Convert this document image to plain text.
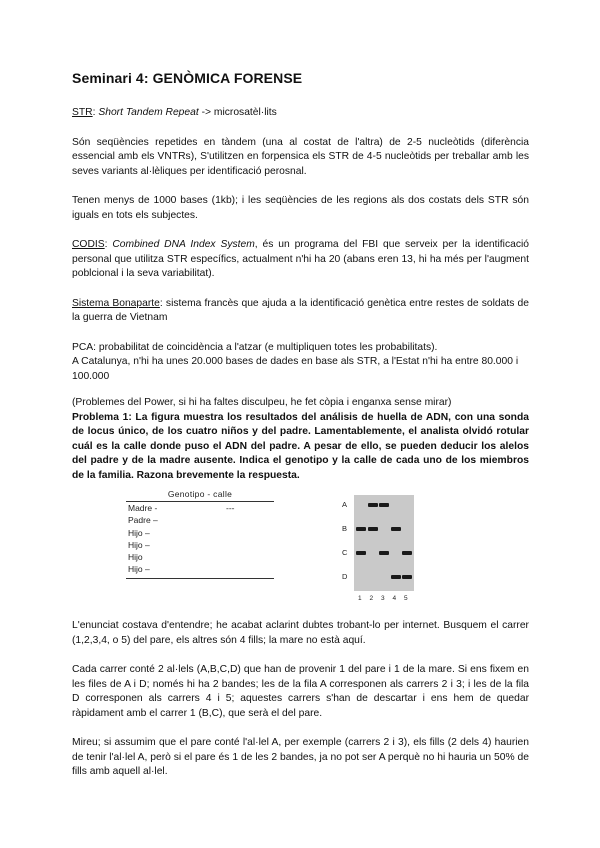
Seminari 4: GENÒMICA FORENSE

STR: Short Tandem Repeat -> microsatèl·lits

Són seqüències repetides en tàndem (una al costat de l'altra) de 2-5 nucleòtids (diferència essencial amb els VNTRs), S'utilitzen en forpensica els STR de 4-5 nucleòtids per treballar amb les seves variants al·lèliques per identificació perosnal.

Tenen menys de 1000 bases (1kb); i les seqüències de les regions als dos costats dels STR són iguals en tots els subjectes.

CODIS: Combined DNA Index System, és un programa del FBI que serveix per la identificació personal que utilitza STR específics, actualment n'hi ha 20 (abans eren 13, hi ha més per l'augment poblcional i la seva variabilitat).

Sistema Bonaparte: sistema francès que ajuda a la identificació genètica entre restes de soldats de la guerra de Vietnam

PCA: probabilitat de coincidència a l'atzar (e multipliquen totes les probabilitats).

A Catalunya, n'hi ha unes 20.000 bases de dades en base als STR, a l'Estat n'hi ha entre 80.000 i 100.000

(Problemes del Power, si hi ha faltes disculpeu, he fet còpia i enganxa sense mirar)

Problema 1: La figura muestra los resultados del análisis de huella de ADN, con una sonda de locus único, de los cuatro niños y del padre. Lamentablemente, el analista olvidó rotular cuál es la calle donde puso el ADN del padre. A pesar de ello, se pueden deducir los alelos del padre y de la madre ausente. Indica el genotipo y la calle de cada uno de los miembros de la familia. Razona brevemente la respuesta.

Genotipo - calle
Madre -	---
Padre –
Hijo –
Hijo –
Hijo
Hijo –
A
B
C
D
1 2 3 4 5

L'enunciat costava d'entendre; he acabat aclarint dubtes trobant-lo per internet. Busquem el carrer (1,2,3,4, o 5) del pare, els altres són 4 fills; la mare no està aquí.

Cada carrer conté 2 al·lels (A,B,C,D) que han de provenir 1 del pare i 1 de la mare. Si ens fixem en les files de A i D; només hi ha 2 bandes; les de la fila A corresponen als carrers 2 i 3; i les de la fila D corresponen als carrers 4 i 5; aquestes carrers s'han de descartar i ens hem de quedar ràpidament amb el carrer 1 (B,C), que serà el del pare.

Mireu; si assumim que el pare conté l'al·lel A, per exemple (carrers 2 i 3), els fills (2 dels 4) haurien de tenir l'al·lel A, però si el pare és 1 de les 2 bandes, ja no pot ser A perquè no hi hauria un 50% de fills amb aquell al·lel.
